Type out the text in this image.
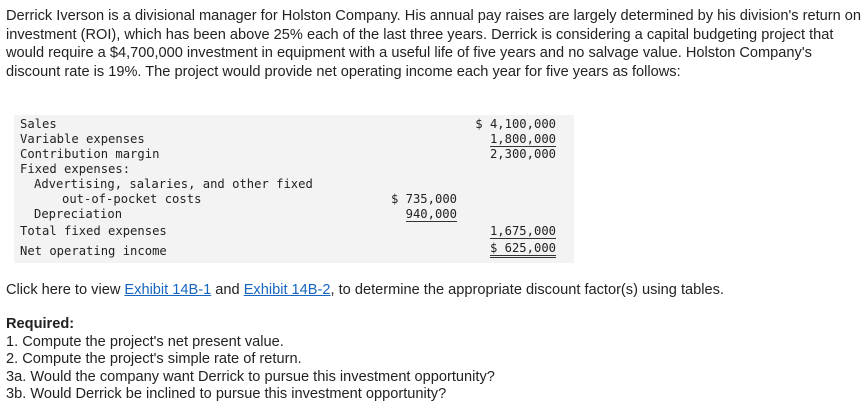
Derrick Iverson is a divisional manager for Holston Company. His annual pay raises are largely determined by his division's return on investment (ROI), which has been above 25% each of the last three years. Derrick is considering a capital budgeting project that would require a $4,700,000 investment in equipment with a useful life of five years and no salvage value. Holston Company's discount rate is 19%. The project would provide net operating income each year for five years as follows:

Sales	$ 4,100,000
Variable expenses	1,800,000
Contribution margin	2,300,000
Fixed expenses:
Advertising, salaries, and other fixed
out-of-pocket costs	$ 735,000
Depreciation	940,000
Total fixed expenses	1,675,000
Net operating income	$ 625,000

Click here to view Exhibit 14B-1 and Exhibit 14B-2, to determine the appropriate discount factor(s) using tables.

Required:
1. Compute the project's net present value.
2. Compute the project's simple rate of return.
3a. Would the company want Derrick to pursue this investment opportunity?
3b. Would Derrick be inclined to pursue this investment opportunity?
